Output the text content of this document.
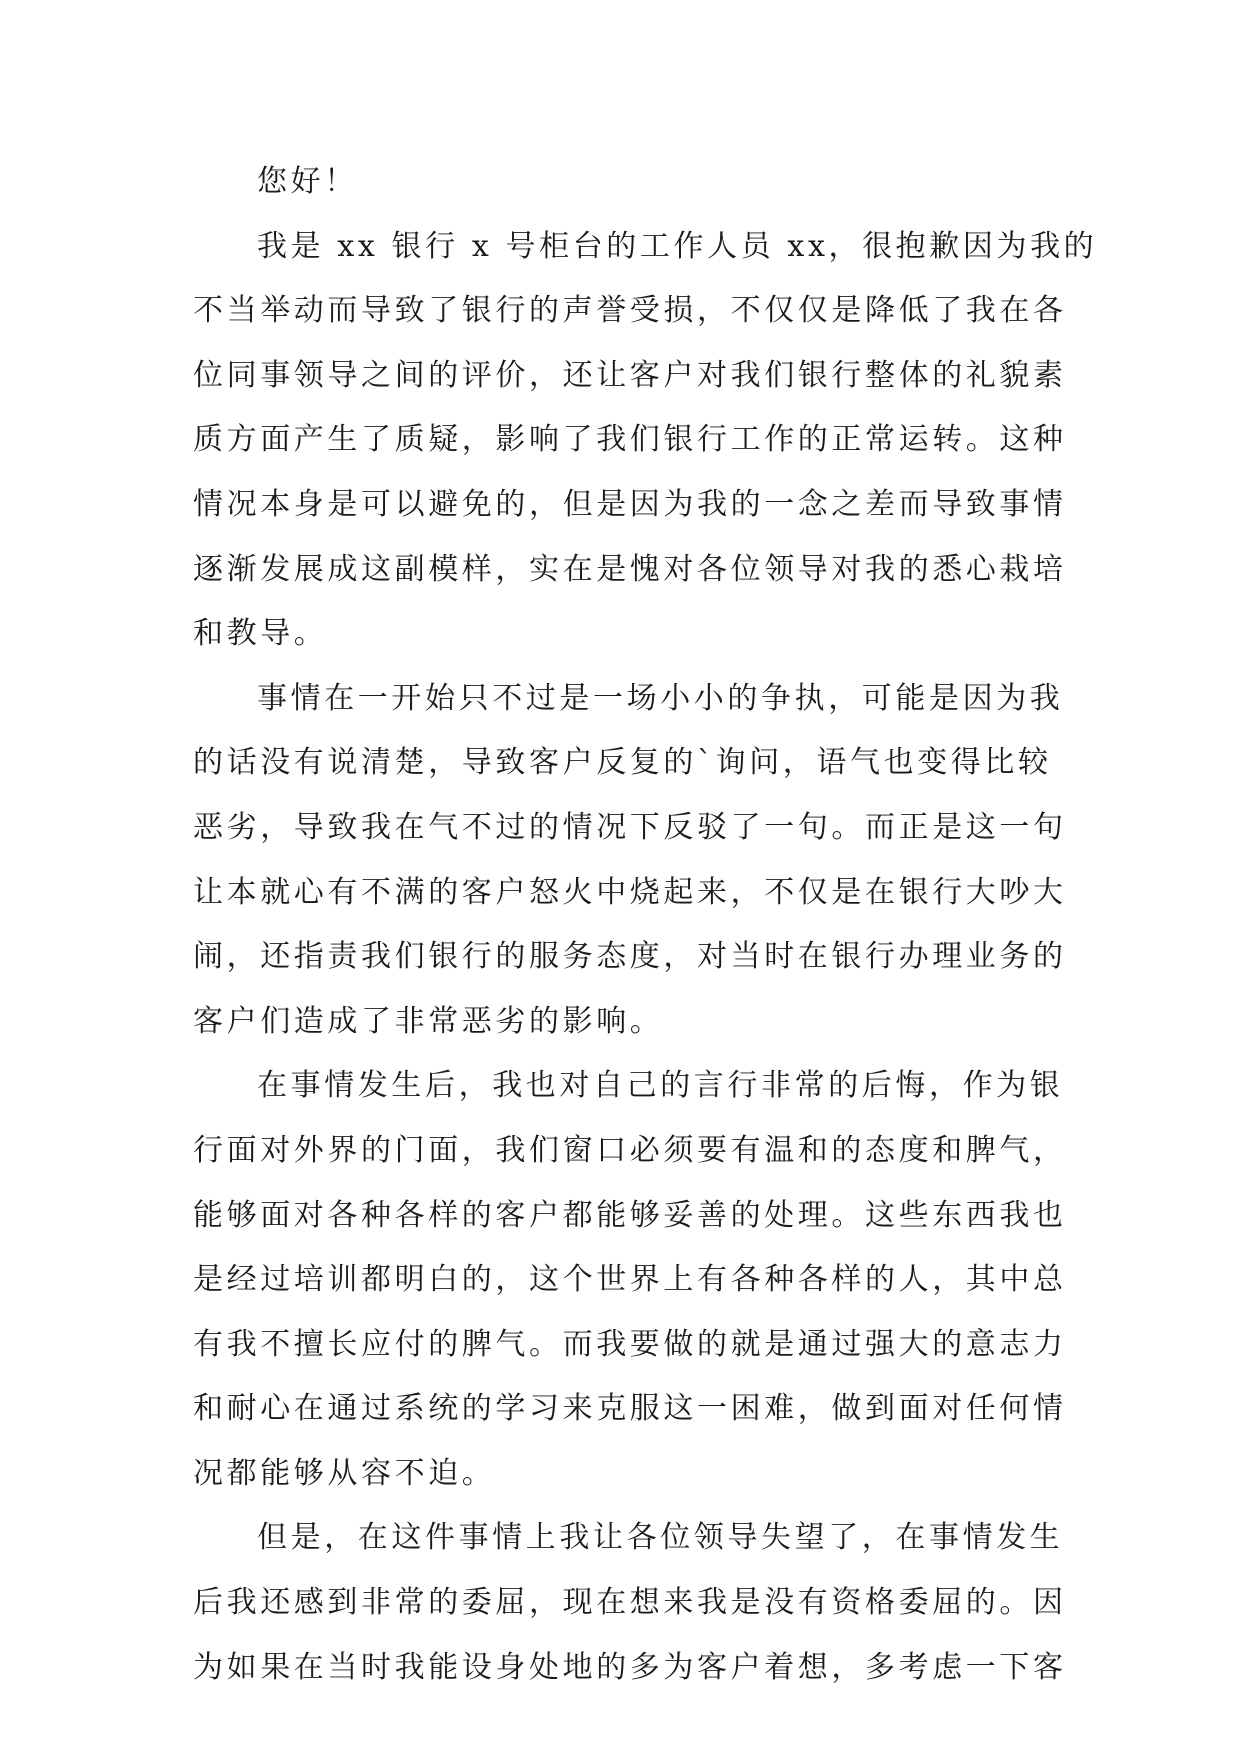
您好！
我是 xx 银行 x 号柜台的工作人员 xx，很抱歉因为我的
不当举动而导致了银行的声誉受损，不仅仅是降低了我在各
位同事领导之间的评价，还让客户对我们银行整体的礼貌素
质方面产生了质疑，影响了我们银行工作的正常运转。这种
情况本身是可以避免的，但是因为我的一念之差而导致事情
逐渐发展成这副模样，实在是愧对各位领导对我的悉心栽培
和教导。
事情在一开始只不过是一场小小的争执，可能是因为我
的话没有说清楚，导致客户反复的`询问，语气也变得比较
恶劣，导致我在气不过的情况下反驳了一句。而正是这一句
让本就心有不满的客户怒火中烧起来，不仅是在银行大吵大
闹，还指责我们银行的服务态度，对当时在银行办理业务的
客户们造成了非常恶劣的影响。
在事情发生后，我也对自己的言行非常的后悔，作为银
行面对外界的门面，我们窗口必须要有温和的态度和脾气，
能够面对各种各样的客户都能够妥善的处理。这些东西我也
是经过培训都明白的，这个世界上有各种各样的人，其中总
有我不擅长应付的脾气。而我要做的就是通过强大的意志力
和耐心在通过系统的学习来克服这一困难，做到面对任何情
况都能够从容不迫。
但是，在这件事情上我让各位领导失望了，在事情发生
后我还感到非常的委屈，现在想来我是没有资格委屈的。因
为如果在当时我能设身处地的多为客户着想，多考虑一下客
